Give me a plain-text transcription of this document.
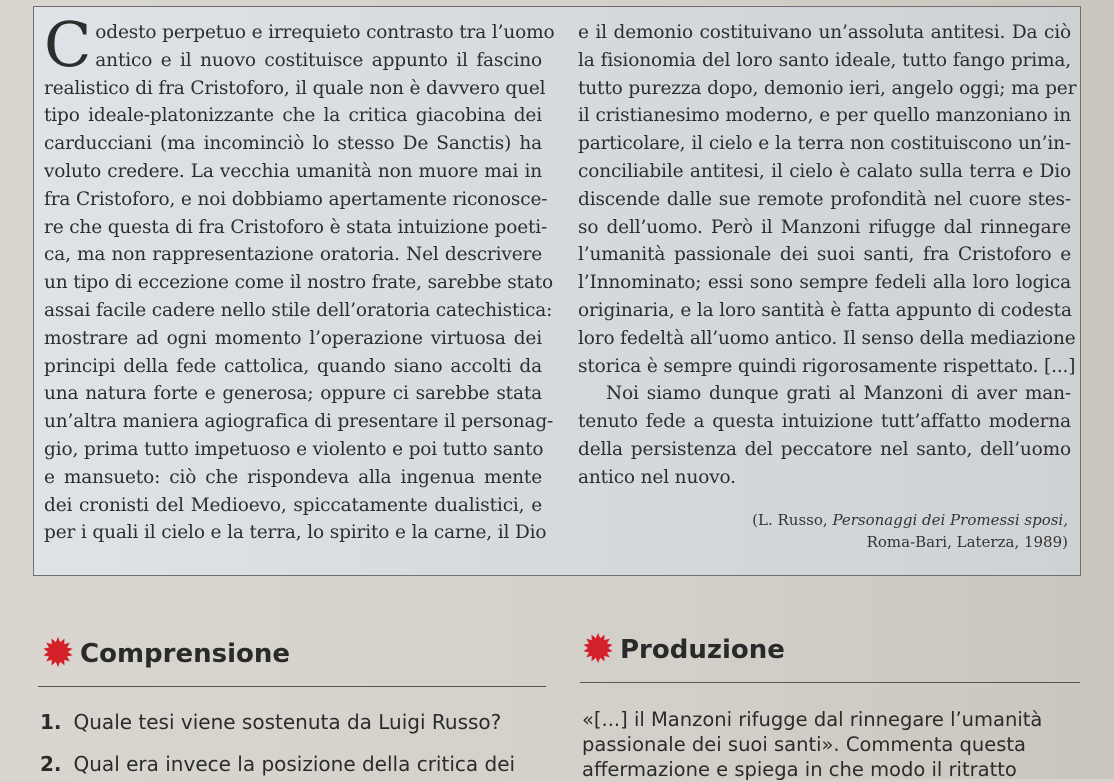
C odesto perpetuo e irrequieto contrasto tra l’uomo
antico e il nuovo costituisce appunto il fascino
realistico di fra Cristoforo, il quale non è davvero quel
tipo ideale-platonizzante che la critica giacobina dei
carducciani (ma incominciò lo stesso De Sanctis) ha
voluto credere. La vecchia umanità non muore mai in
fra Cristoforo, e noi dobbiamo apertamente riconosce-
re che questa di fra Cristoforo è stata intuizione poeti-
ca, ma non rappresentazione oratoria. Nel descrivere
un tipo di eccezione come il nostro frate, sarebbe stato
assai facile cadere nello stile dell’oratoria catechistica:
mostrare ad ogni momento l’operazione virtuosa dei
principi della fede cattolica, quando siano accolti da
una natura forte e generosa; oppure ci sarebbe stata
un’altra maniera agiografica di presentare il personag-
gio, prima tutto impetuoso e violento e poi tutto santo
e mansueto: ciò che rispondeva alla ingenua mente
dei cronisti del Medioevo, spiccatamente dualistici, e
per i quali il cielo e la terra, lo spirito e la carne, il Dio
e il demonio costituivano un’assoluta antitesi. Da ciò
la fisionomia del loro santo ideale, tutto fango prima,
tutto purezza dopo, demonio ieri, angelo oggi; ma per
il cristianesimo moderno, e per quello manzoniano in
particolare, il cielo e la terra non costituiscono un’in-
conciliabile antitesi, il cielo è calato sulla terra e Dio
discende dalle sue remote profondità nel cuore stes-
so dell’uomo. Però il Manzoni rifugge dal rinnegare
l’umanità passionale dei suoi santi, fra Cristoforo e
l’Innominato; essi sono sempre fedeli alla loro logica
originaria, e la loro santità è fatta appunto di codesta
loro fedeltà all’uomo antico. Il senso della mediazione
storica è sempre quindi rigorosamente rispettato. [...]
Noi siamo dunque grati al Manzoni di aver man-
tenuto fede a questa intuizione tutt’affatto moderna
della persistenza del peccatore nel santo, dell’uomo
antico nel nuovo.
(L. Russo, Personaggi dei Promessi sposi,
Roma-Bari, Laterza, 1989)
Comprensione	Produzione
1. Quale tesi viene sostenuta da Luigi Russo?
2. Qual era invece la posizione della critica dei
«[...] il Manzoni rifugge dal rinnegare l’umanità
passionale dei suoi santi». Commenta questa
affermazione e spiega in che modo il ritratto
